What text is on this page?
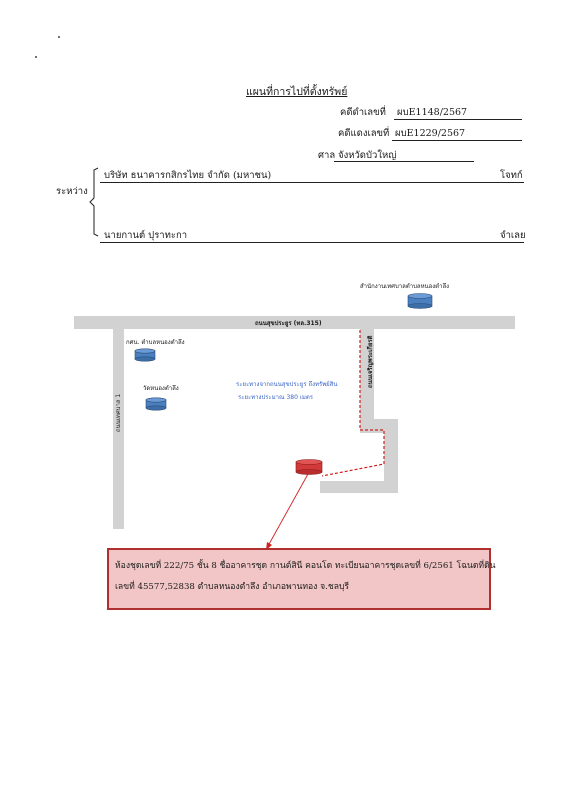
แผนที่การไปที่ตั้งทรัพย์
คดีดำเลขที่ ผบE1148/2567
คดีแดงเลขที่ ผบE1229/2567
ศาล จังหวัดบัวใหญ่
ระหว่าง
บริษัท ธนาคารกสิกรไทย จำกัด (มหาชน)	โจทก์
นายกานต์ ปุราทะกา	จำเลย
ถนนสุขประยูร (ทล.315)
ถนนเทศบาล 1
ถนนเจริญพระเกียรติ
สำนักงานเทศบาลตำบลหนองตำลึง
กศน. ตำบลหนองตำลึง
วัดหนองตำลึง
ระยะทางจากถนนสุขประยูร ถึงทรัพย์สิน
ระยะทางประมาณ 380 เมตร
ห้องชุดเลขที่ 222/75 ชั้น 8 ชื่ออาคารชุด กานต์สินี คอนโด ทะเบียนอาคารชุดเลขที่ 6/2561 โฉนดที่ดิน
เลขที่ 45577,52838 ตำบลหนองตำลึง อำเภอพานทอง จ.ชลบุรี
